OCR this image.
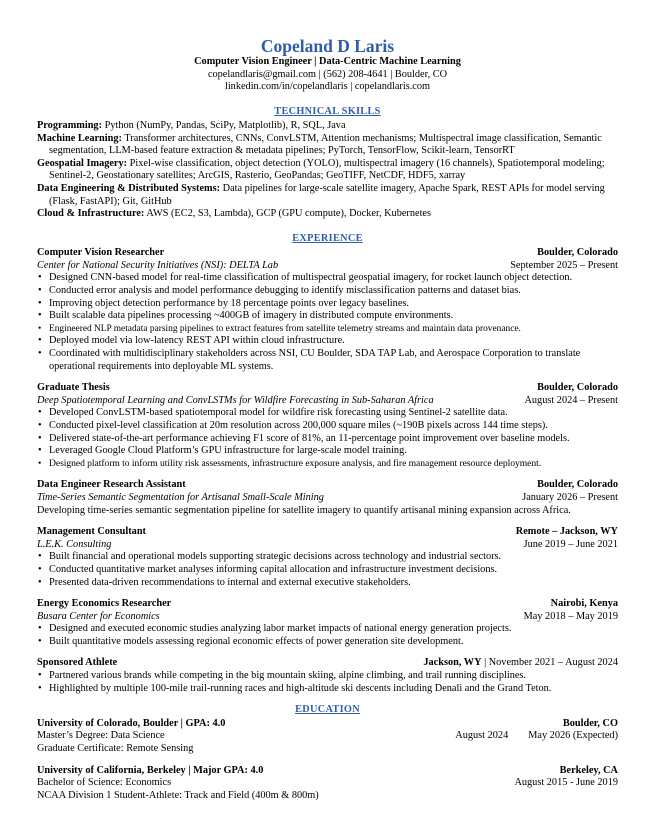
Copeland D Laris
Computer Vision Engineer | Data-Centric Machine Learning
copelandlaris@gmail.com | (562) 208-4641 | Boulder, CO
linkedin.com/in/copelandlaris | copelandlaris.com
TECHNICAL SKILLS
Programming: Python (NumPy, Pandas, SciPy, Matplotlib), R, SQL, Java
Machine Learning: Transformer architectures, CNNs, ConvLSTM, Attention mechanisms; Multispectral image classification, Semantic segmentation, LLM-based feature extraction & metadata pipelines; PyTorch, TensorFlow, Scikit-learn, TensorRT
Geospatial Imagery: Pixel-wise classification, object detection (YOLO), multispectral imagery (16 channels), Spatiotemporal modeling; Sentinel-2, Geostationary satellites; ArcGIS, Rasterio, GeoPandas; GeoTIFF, NetCDF, HDF5, xarray
Data Engineering & Distributed Systems: Data pipelines for large-scale satellite imagery, Apache Spark, REST APIs for model serving (Flask, FastAPI); Git, GitHub
Cloud & Infrastructure: AWS (EC2, S3, Lambda), GCP (GPU compute), Docker, Kubernetes
EXPERIENCE
Computer Vision Researcher	Boulder, Colorado
Center for National Security Initiatives (NSI): DELTA Lab	September 2025 – Present
• Designed CNN-based model for real-time classification of multispectral geospatial imagery, for rocket launch object detection.
• Conducted error analysis and model performance debugging to identify misclassification patterns and dataset bias.
• Improving object detection performance by 18 percentage points over legacy baselines.
• Built scalable data pipelines processing ~400GB of imagery in distributed compute environments.
• Engineered NLP metadata parsing pipelines to extract features from satellite telemetry streams and maintain data provenance.
• Deployed model via low-latency REST API within cloud infrastructure.
• Coordinated with multidisciplinary stakeholders across NSI, CU Boulder, SDA TAP Lab, and Aerospace Corporation to translate operational requirements into deployable ML systems.
Graduate Thesis	Boulder, Colorado
Deep Spatiotemporal Learning and ConvLSTMs for Wildfire Forecasting in Sub-Saharan Africa	August 2024 – Present
• Developed ConvLSTM-based spatiotemporal model for wildfire risk forecasting using Sentinel-2 satellite data.
• Conducted pixel-level classification at 20m resolution across 200,000 square miles (~190B pixels across 144 time steps).
• Delivered state-of-the-art performance achieving F1 score of 81%, an 11-percentage point improvement over baseline models.
• Leveraged Google Cloud Platform’s GPU infrastructure for large-scale model training.
• Designed platform to inform utility risk assessments, infrastructure exposure analysis, and fire management resource deployment.
Data Engineer Research Assistant	Boulder, Colorado
Time-Series Semantic Segmentation for Artisanal Small-Scale Mining	January 2026 – Present
Developing time-series semantic segmentation pipeline for satellite imagery to quantify artisanal mining expansion across Africa.
Management Consultant	Remote – Jackson, WY
L.E.K. Consulting	June 2019 – June 2021
• Built financial and operational models supporting strategic decisions across technology and industrial sectors.
• Conducted quantitative market analyses informing capital allocation and infrastructure investment decisions.
• Presented data-driven recommendations to internal and external executive stakeholders.
Energy Economics Researcher	Nairobi, Kenya
Busara Center for Economics	May 2018 – May 2019
• Designed and executed economic studies analyzing labor market impacts of national energy generation projects.
• Built quantitative models assessing regional economic effects of power generation site development.
Sponsored Athlete	Jackson, WY | November 2021 – August 2024
• Partnered various brands while competing in the big mountain skiing, alpine climbing, and trail running disciplines.
• Highlighted by multiple 100-mile trail-running races and high-altitude ski descents including Denali and the Grand Teton.
EDUCATION
University of Colorado, Boulder | GPA: 4.0	Boulder, CO
Master’s Degree: Data Science	August 2024 May 2026 (Expected)
Graduate Certificate: Remote Sensing
University of California, Berkeley | Major GPA: 4.0	Berkeley, CA
Bachelor of Science: Economics	August 2015 - June 2019
NCAA Division 1 Student-Athlete: Track and Field (400m & 800m)
